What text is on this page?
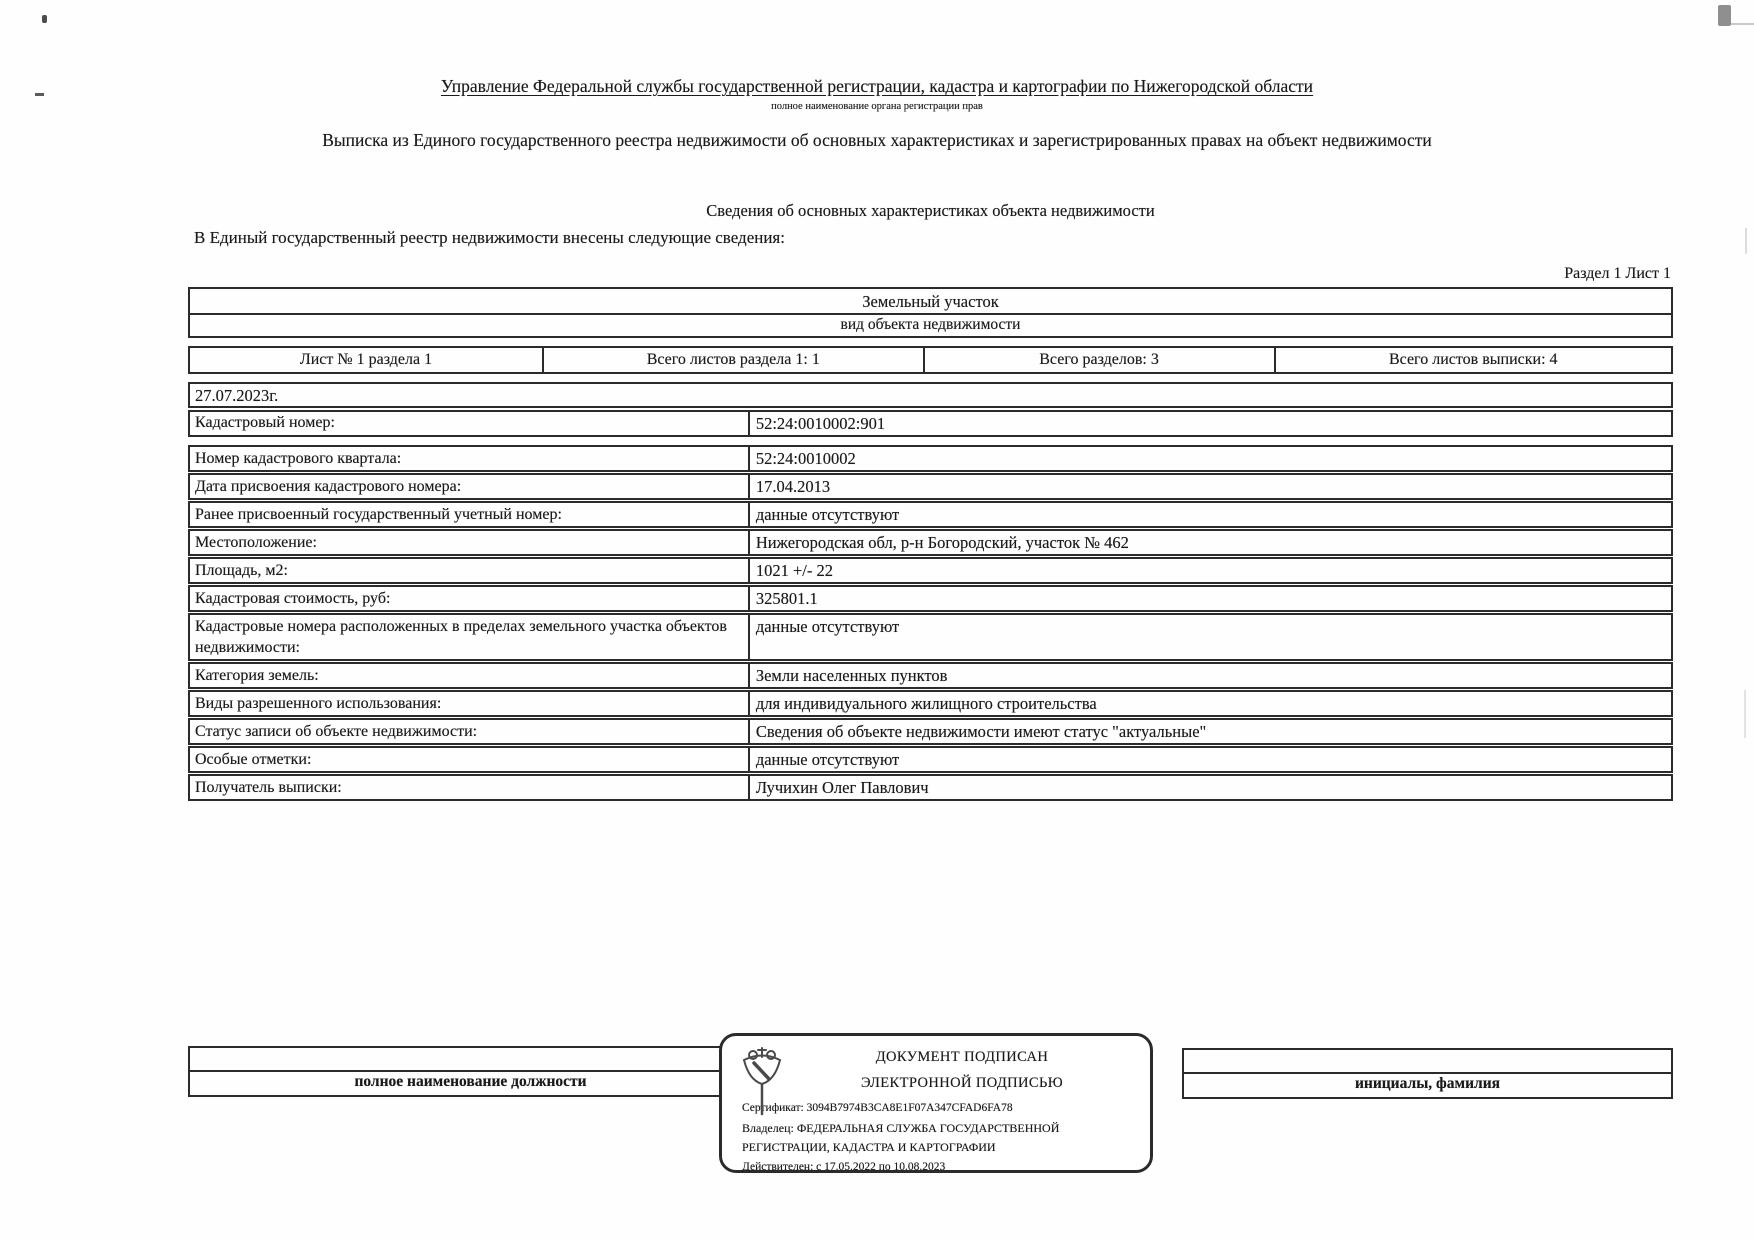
Управление Федеральной службы государственной регистрации, кадастра и картографии по Нижегородской области
полное наименование органа регистрации прав
Выписка из Единого государственного реестра недвижимости об основных характеристиках и зарегистрированных правах на объект недвижимости
Сведения об основных характеристиках объекта недвижимости
В Единый государственный реестр недвижимости внесены следующие сведения:
Раздел 1 Лист 1
Земельный участок
вид объекта недвижимости
Лист № 1 раздела 1	Всего листов раздела 1: 1	Всего разделов: 3	Всего листов выписки: 4
27.07.2023г.
Кадастровый номер:	52:24:0010002:901
Номер кадастрового квартала:	52:24:0010002
Дата присвоения кадастрового номера:	17.04.2013
Ранее присвоенный государственный учетный номер:	данные отсутствуют
Местоположение:	Нижегородская обл, р-н Богородский, участок № 462
Площадь, м2:	1021 +/- 22
Кадастровая стоимость, руб:	325801.1
Кадастровые номера расположенных в пределах земельного участка объектов недвижимости:
данные отсутствуют
Категория земель:	Земли населенных пунктов
Виды разрешенного использования:	для индивидуального жилищного строительства
Статус записи об объекте недвижимости:	Сведения об объекте недвижимости имеют статус "актуальные"
Особые отметки:	данные отсутствуют
Получатель выписки:	Лучихин Олег Павлович
полное наименование должности	инициалы, фамилия
ДОКУМЕНТ ПОДПИСАН
ЭЛЕКТРОННОЙ ПОДПИСЬЮ
Сертификат: 3094B7974B3CA8E1F07A347CFAD6FA78
Владелец: ФЕДЕРАЛЬНАЯ СЛУЖБА ГОСУДАРСТВЕННОЙ
РЕГИСТРАЦИИ, КАДАСТРА И КАРТОГРАФИИ
Действителен: с 17.05.2022 по 10.08.2023
